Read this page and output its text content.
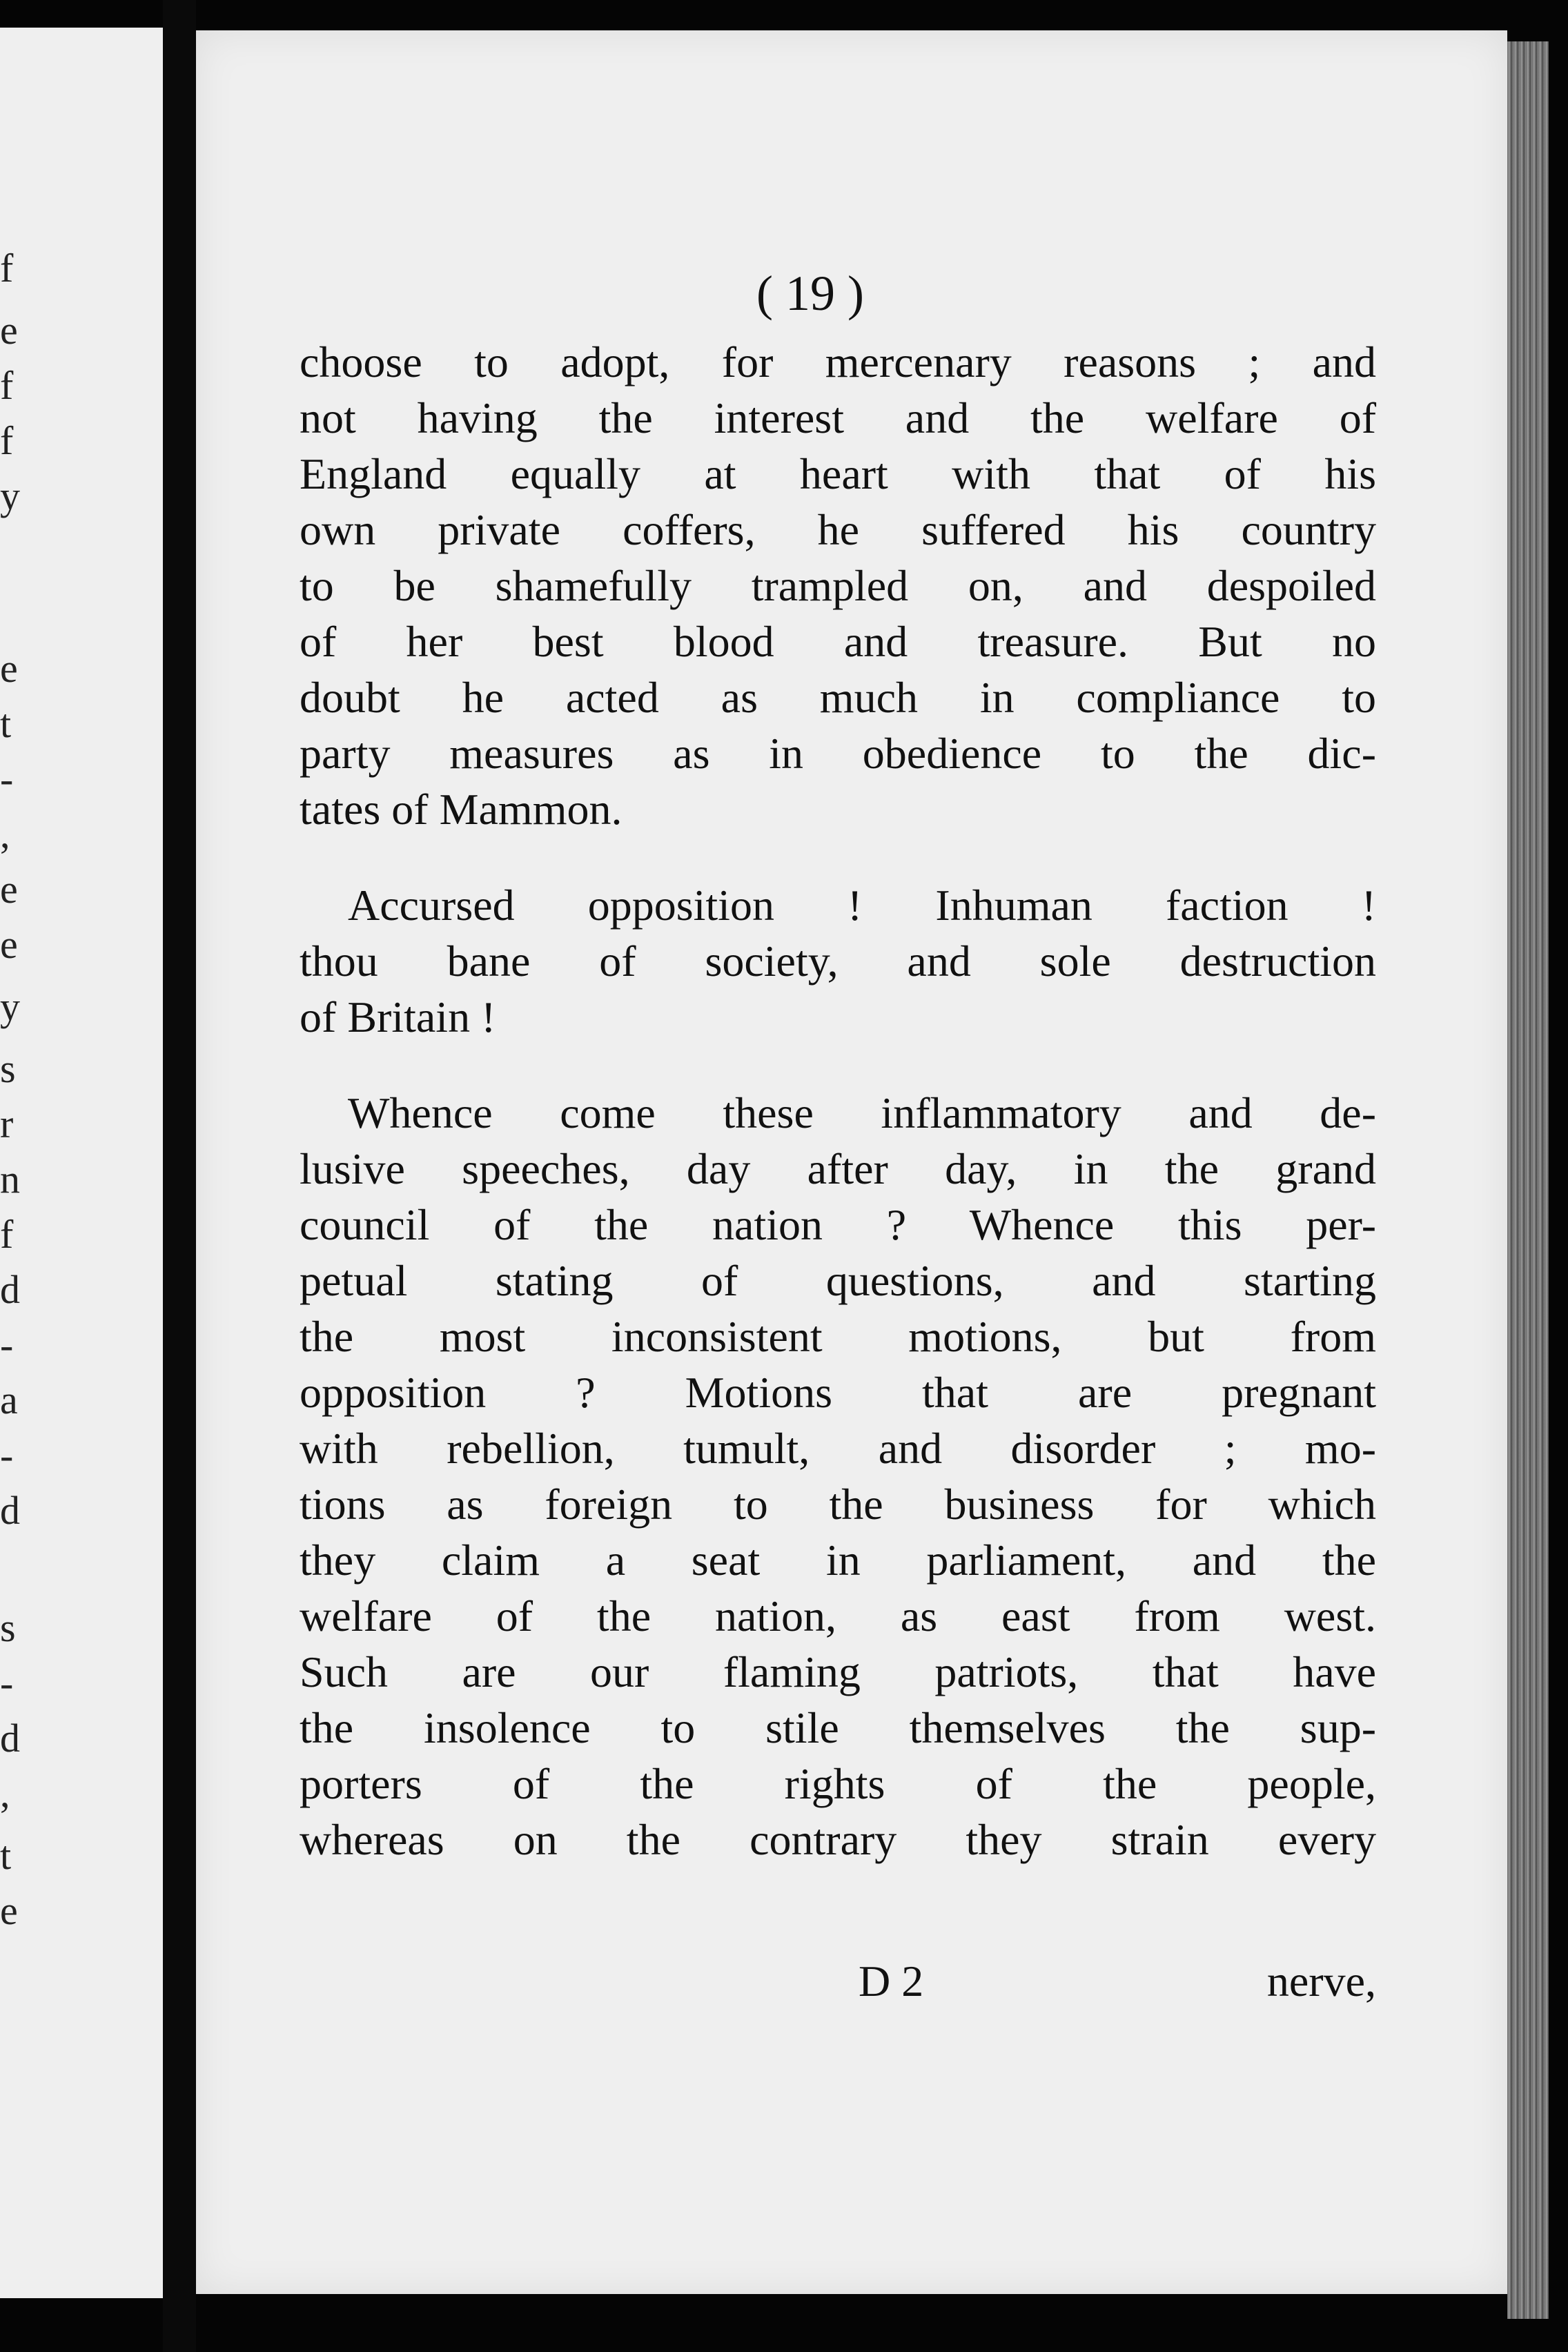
f
e
f
f
y
e
t
-
,
e
e
y
s
r
n
f
d
-
a
-
d
s
-
d
,
t
e
( 19 )
choose to adopt, for mercenary reasons ; and
not having the interest and the welfare of
England equally at heart with that of his
own private coffers, he suffered his country
to be shamefully trampled on, and despoiled
of her best blood and treasure. But no
doubt he acted as much in compliance to
party measures as in obedience to the dic-
tates of Mammon.
Accursed opposition ! Inhuman faction !
thou bane of society, and sole destruction
of Britain !
Whence come these inflammatory and de-
lusive speeches, day after day, in the grand
council of the nation ? Whence this per-
petual stating of questions, and starting
the most inconsistent motions, but from
opposition ? Motions that are pregnant
with rebellion, tumult, and disorder ; mo-
tions as foreign to the business for which
they claim a seat in parliament, and the
welfare of the nation, as east from west.
Such are our flaming patriots, that have
the insolence to stile themselves the sup-
porters of the rights of the people,
whereas on the contrary they strain every
D 2	nerve,
